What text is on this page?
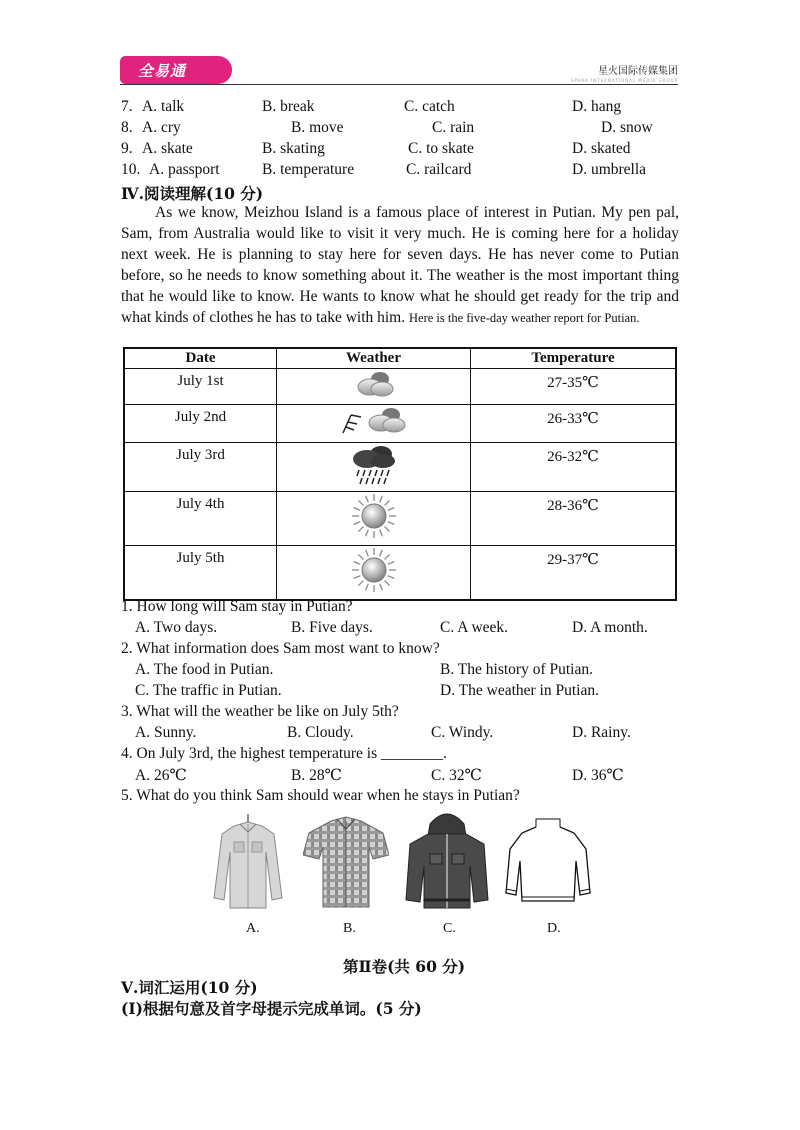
全易通	星火国际传媒集团
SPARK INTERNATIONAL MEDIA GROUP
7. A. talk	B. break	C. catch	D. hang
8. A. cry	B. move	C. rain	D. snow
9. A. skate	B. skating	C. to skate	D. skated
10. A. passport	B. temperature	C. railcard	D. umbrella
Ⅳ.阅读理解(10 分)
As we know, Meizhou Island is a famous place of interest in Putian. My pen pal, Sam, from Australia would like to visit it very much. He is coming here for a holiday next week. He is planning to stay here for seven days. He has never come to Putian before, so he needs to know something about it. The weather is the most important thing that he would like to know. He wants to know what he should get ready for the trip and what kinds of clothes he has to take with him. Here is the five-day weather report for Putian.
Date	Weather	Temperature
July 1st		27-35℃
July 2nd		26-33℃
July 3rd		26-32℃
July 4th		28-36℃
July 5th		29-37℃
1. How long will Sam stay in Putian?
A. Two days.	B. Five days.	C. A week.	D. A month.
2. What information does Sam most want to know?
A. The food in Putian.	B. The history of Putian.
C. The traffic in Putian.	D. The weather in Putian.
3. What will the weather be like on July 5th?
A. Sunny.	B. Cloudy.	C. Windy.	D. Rainy.
4. On July 3rd, the highest temperature is ________.
A. 26℃	B. 28℃	C. 32℃	D. 36℃
5. What do you think Sam should wear when he stays in Putian?
A.	B.	C.	D.
第Ⅱ卷(共 60 分)
Ⅴ.词汇运用(10 分)
(Ⅰ)根据句意及首字母提示完成单词。(5 分)
